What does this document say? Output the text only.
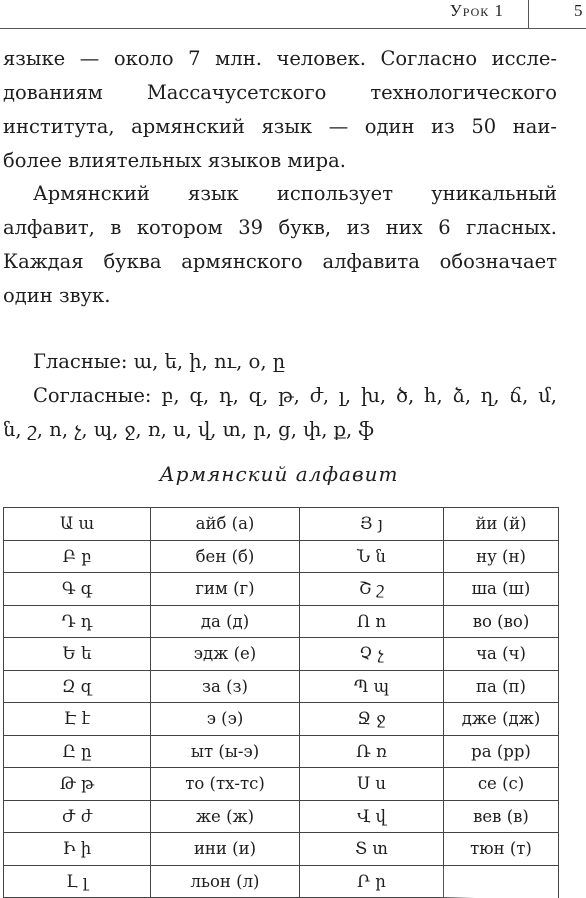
Урок 1	5

языке — около 7 млн. человек. Согласно иссле-

дованиям Массачусетского технологического

института, армянский язык — один из 50 наи-

более влиятельных языков мира.

Армянский язык использует уникальный

алфавит, в котором 39 букв, из них 6 гласных.

Каждая буква армянского алфавита обозначает

один звук.

Гласные: ա, ե, ի, ու, օ, ը

Согласные: բ, գ, դ, զ, թ, ժ, լ, խ, ծ, հ, ձ, ղ, ճ, մ,

ն, շ, ո, չ, պ, ջ, ռ, ս, վ, տ, ր, ց, փ, ք, ֆ

Армянский алфавит
Ա ա	айб (а)	Յ յ	йи (й)
Բ բ	бен (б)	Ն ն	ну (н)
Գ գ	гим (г)	Շ շ	ша (ш)
Դ դ	да (д)	Ո ո	во (во)
Ե ե	эдж (е)	Չ չ	ча (ч)
Զ զ	за (з)	Պ պ	па (п)
Է է	э (э)	Ջ ջ	дже (дж)
Ը ը	ыт (ы-э)	Ռ ռ	ра (рр)
Թ թ	то (тх-тс)	Ս ս	се (с)
Ժ ժ	же (ж)	Վ վ	вев (в)
Ի ի	ини (и)	Տ տ	тюн (т)
Լ լ	льон (л)	Ր ր	
